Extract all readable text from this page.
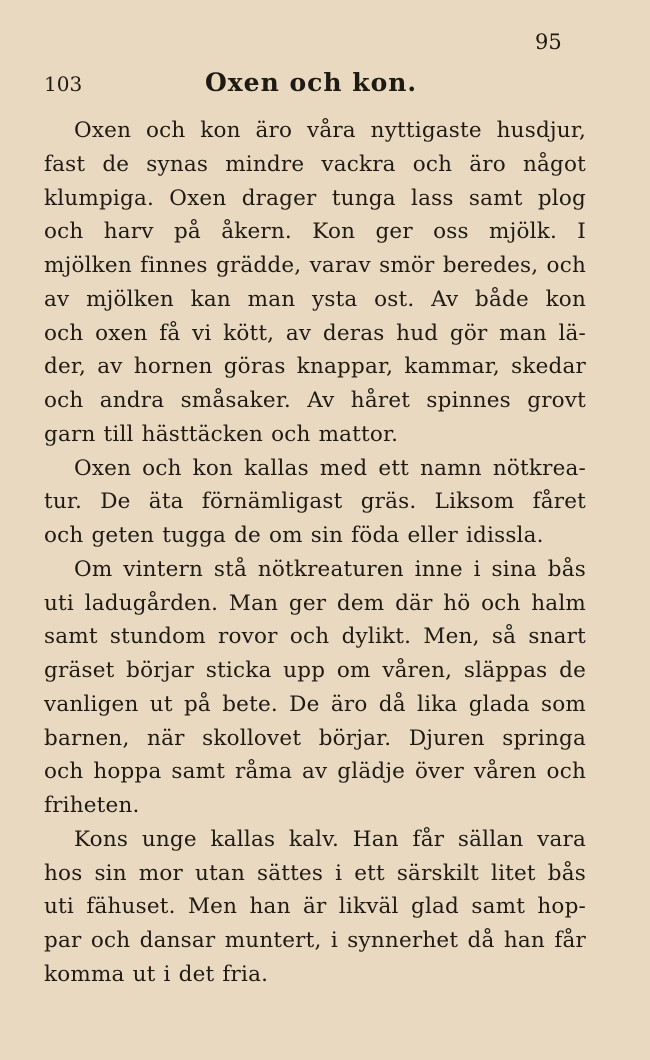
95
103	Oxen och kon.
Oxen och kon äro våra nyttigaste husdjur,
fast de synas mindre vackra och äro något
klumpiga. Oxen drager tunga lass samt plog
och harv på åkern. Kon ger oss mjölk. I
mjölken finnes grädde, varav smör beredes, och
av mjölken kan man ysta ost. Av både kon
och oxen få vi kött, av deras hud gör man lä-
der, av hornen göras knappar, kammar, skedar
och andra småsaker. Av håret spinnes grovt
garn till hästtäcken och mattor.
Oxen och kon kallas med ett namn nötkrea-
tur. De äta förnämligast gräs. Liksom fåret
och geten tugga de om sin föda eller idissla.
Om vintern stå nötkreaturen inne i sina bås
uti ladugården. Man ger dem där hö och halm
samt stundom rovor och dylikt. Men, så snart
gräset börjar sticka upp om våren, släppas de
vanligen ut på bete. De äro då lika glada som
barnen, när skollovet börjar. Djuren springa
och hoppa samt råma av glädje över våren och
friheten.
Kons unge kallas kalv. Han får sällan vara
hos sin mor utan sättes i ett särskilt litet bås
uti fähuset. Men han är likväl glad samt hop-
par och dansar muntert, i synnerhet då han får
komma ut i det fria.
